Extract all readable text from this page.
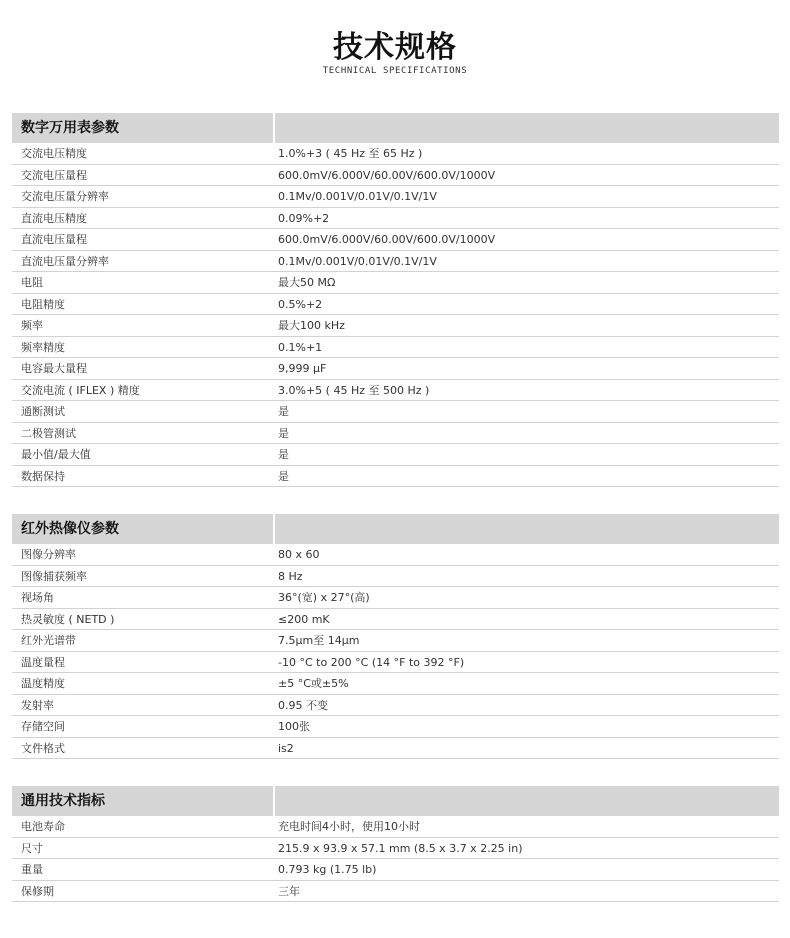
技术规格
TECHNICAL SPECIFICATIONS
数字万用表参数
交流电压精度	1.0%+3 ( 45 Hz 至 65 Hz )
交流电压量程	600.0mV/6.000V/60.00V/600.0V/1000V
交流电压量分辨率	0.1Mv/0.001V/0.01V/0.1V/1V
直流电压精度	0.09%+2
直流电压量程	600.0mV/6.000V/60.00V/600.0V/1000V
直流电压量分辨率	0.1Mv/0.001V/0.01V/0.1V/1V
电阻	最大50 MΩ
电阻精度	0.5%+2
频率	最大100 kHz
频率精度	0.1%+1
电容最大量程	9,999 μF
交流电流 ( IFLEX ) 精度	3.0%+5 ( 45 Hz 至 500 Hz )
通断测试	是
二极管测试	是
最小值/最大值	是
数据保持	是
红外热像仪参数
图像分辨率	80 x 60
图像捕获频率	8 Hz
视场角	36°(宽) x 27°(高)
热灵敏度 ( NETD )	≤200 mK
红外光谱带	7.5μm至 14μm
温度量程	-10 °C to 200 °C (14 °F to 392 °F)
温度精度	±5 °C或±5%
发射率	0.95 不变
存储空间	100张
文件格式	is2
通用技术指标
电池寿命	充电时间4小时，使用10小时
尺寸	215.9 x 93.9 x 57.1 mm (8.5 x 3.7 x 2.25 in)
重量	0.793 kg (1.75 lb)
保修期	三年
